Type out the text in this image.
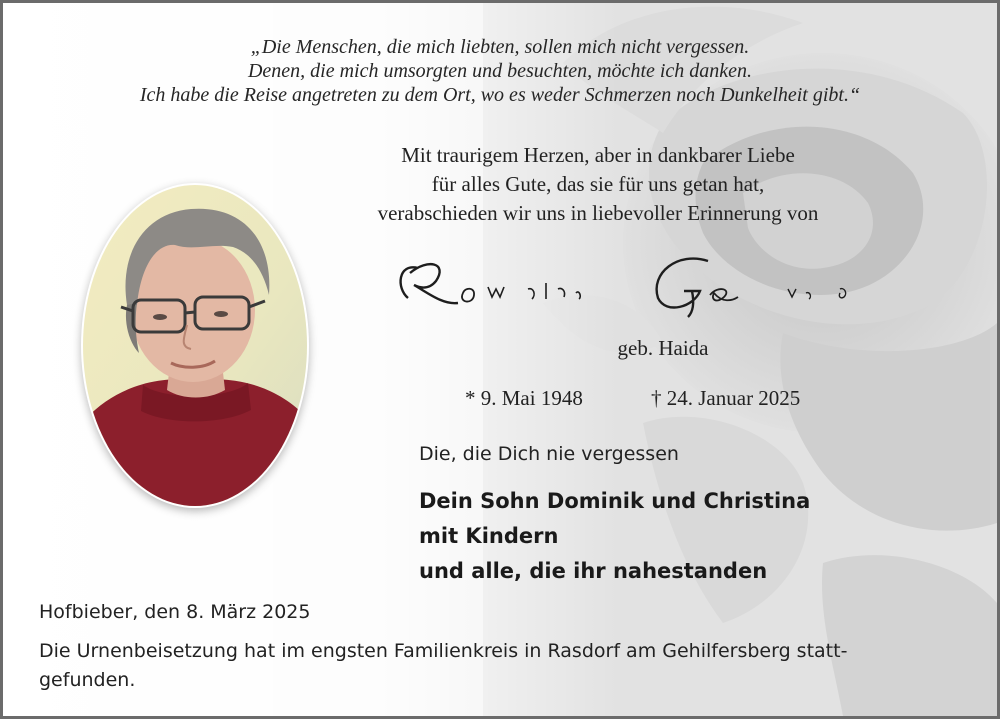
„Die Menschen, die mich liebten, sollen mich nicht vergessen.
Denen, die mich umsorgten und besuchten, möchte ich danken.
Ich habe die Reise angetreten zu dem Ort, wo es weder Schmerzen noch Dunkelheit gibt.“
Mit traurigem Herzen, aber in dankbarer Liebe
für alles Gute, das sie für uns getan hat,
verabschieden wir uns in liebevoller Erinnerung von
geb. Haida
* 9. Mai 1948	† 24. Januar 2025
Die, die Dich nie vergessen
Dein Sohn Dominik und Christina
mit Kindern
und alle, die ihr nahestanden
Hofbieber, den 8. März 2025
Die Urnenbeisetzung hat im engsten Familienkreis in Rasdorf am Gehilfersberg statt-
gefunden.
